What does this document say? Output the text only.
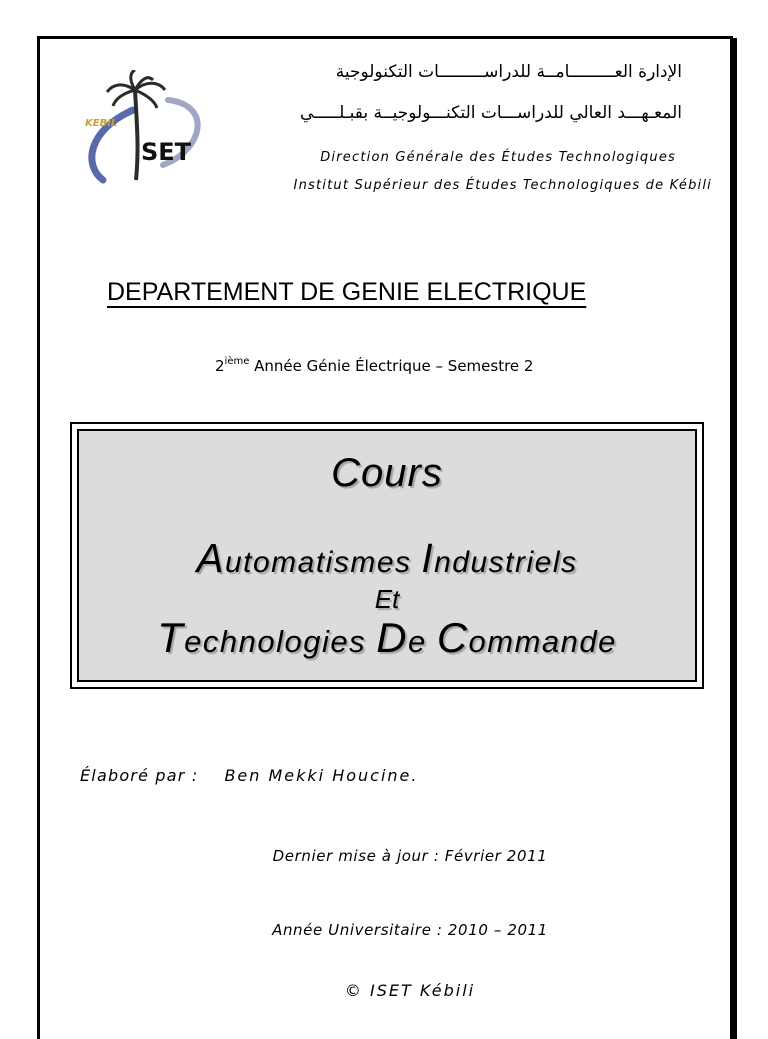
KEBIL
SET
الإدارة العـــــــــامــة للدراســـــــــات التكنولوجية
المعـهـــد العالي للدراســـات التكنـــولوجيــة بقبـلـــــي
Direction Générale des Études Technologiques
Institut Supérieur des Études Technologiques de Kébili
DEPARTEMENT DE GENIE ELECTRIQUE
2ième Année Génie Électrique – Semestre 2
Cours
Automatismes Industriels
Et
Technologies De Commande
Élaboré par : Ben Mekki Houcine.
Dernier mise à jour : Février 2011
Année Universitaire : 2010 – 2011
© ISET Kébili
